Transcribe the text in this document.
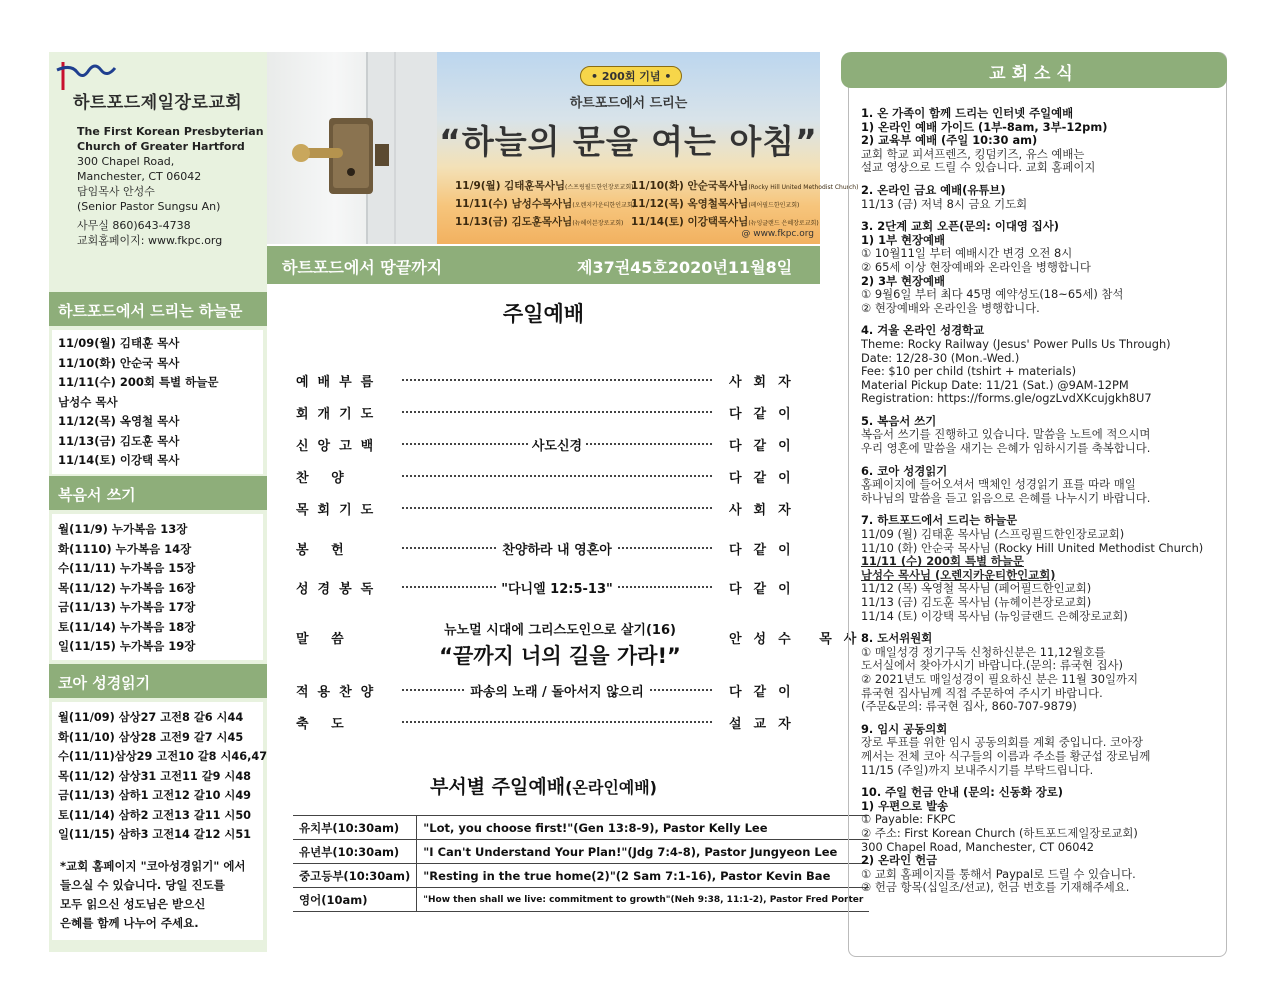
하트포드제일장로교회
The First Korean Presbyterian
Church of Greater Hartford
300 Chapel Road,
Manchester, CT 06042
담임목사 안성수
(Senior Pastor Sungsu An)
사무실 860)643-4738
교회홈페이지: www.fkpc.org
하트포드에서 드리는 하늘문
11/09(월) 김태훈 목사
11/10(화) 안순국 목사
11/11(수) 200회 특별 하늘문
남성수 목사
11/12(목) 옥영철 목사
11/13(금) 김도훈 목사
11/14(토) 이강택 목사
복음서 쓰기
월(11/9) 누가복음 13장
화(1110) 누가복음 14장
수(11/11) 누가복음 15장
목(11/12) 누가복음 16장
금(11/13) 누가복음 17장
토(11/14) 누가복음 18장
일(11/15) 누가복음 19장
코아 성경읽기
월(11/09) 삼상27 고전8 갈6 시44
화(11/10) 삼상28 고전9 갈7 시45
수(11/11)삼상29 고전10 갈8 시46,47
목(11/12) 삼상31 고전11 갈9 시48
금(11/13) 삼하1 고전12 갈10 시49
토(11/14) 삼하2 고전13 갈11 시50
일(11/15) 삼하3 고전14 갈12 시51
*교회 홈페이지 "코아성경읽기" 에서
들으실 수 있습니다. 당일 진도를
모두 읽으신 성도님은 받으신
은혜를 함께 나누어 주세요.
• 200회 기념 •
하트포드에서 드리는
“하늘의 문을 여는 아침”
11/9(월) 김태훈목사님(스프링필드한인장로교회)
11/10(화) 안순국목사님(Rocky Hill United Methodist Church)
11/11(수) 남성수목사님(오렌지카운티한인교회)
11/12(목) 옥영철목사님(페어필드한인교회)
11/13(금) 김도훈목사님(뉴헤이븐장로교회) 11/14(토) 이강택목사님(뉴잉글랜드 은혜장로교회)
@ www.fkpc.org
하트포드에서 땅끝까지	제37권45호2020년11월8일
주일예배
예배부름	사회자
회개기도	다같이
신앙고백	사도신경	다같이
찬 양	다같이
목회기도	사회자
봉 헌	찬양하라 내 영혼아	다같이
성경봉독	"다니엘 12:5-13"	다같이
말 씀	안성수 목사
적용찬양	파송의 노래 / 돌아서지 않으리	다같이
축 도	설교자
뉴노멀 시대에 그리스도인으로 살기(16)
“끝까지 너의 길을 가라!”
부서별 주일예배(온라인예배)
유치부(10:30am)	"Lot, you choose first!"(Gen 13:8-9), Pastor Kelly Lee
유년부(10:30am)	"I Can't Understand Your Plan!"(Jdg 7:4-8), Pastor Jungyeon Lee
중고등부(10:30am)	"Resting in the true home(2)"(2 Sam 7:1-16), Pastor Kevin Bae
영어(10am)	"How then shall we live: commitment to growth"(Neh 9:38, 11:1-2), Pastor Fred Porter
교회소식
1. 온 가족이 함께 드리는 인터넷 주일예배
1) 온라인 예배 가이드 (1부-8am, 3부-12pm)
2) 교육부 예배 (주일 10:30 am)
교회 학교 피셔프렌즈, 킹덤키즈, 유스 예배는
설교 영상으로 드릴 수 있습니다. 교회 홈페이지
2. 온라인 금요 예배(유튜브)
11/13 (금) 저녁 8시 금요 기도회
3. 2단계 교회 오픈(문의: 이대영 집사)
1) 1부 현장예배
① 10월11일 부터 예배시간 변경 오전 8시
② 65세 이상 현장예배와 온라인을 병행합니다
2) 3부 현장예배
① 9월6일 부터 최다 45명 예약성도(18~65세) 참석
② 현장예배와 온라인을 병행합니다.
4. 겨울 온라인 성경학교
Theme: Rocky Railway (Jesus' Power Pulls Us Through)
Date: 12/28-30 (Mon.-Wed.)
Fee: $10 per child (tshirt + materials)
Material Pickup Date: 11/21 (Sat.) @9AM-12PM
Registration: https://forms.gle/ogzLvdXKcujgkh8U7
5. 복음서 쓰기
복음서 쓰기를 진행하고 있습니다. 말씀을 노트에 적으시며
우리 영혼에 말씀을 새기는 은혜가 임하시기를 축복합니다.
6. 코아 성경읽기
홈페이지에 들어오셔서 맥체인 성경읽기 표를 따라 매일
하나님의 말씀을 듣고 읽음으로 은혜를 나누시기 바랍니다.
7. 하트포드에서 드리는 하늘문
11/09 (월) 김태훈 목사님 (스프링필드한인장로교회)
11/10 (화) 안순국 목사님 (Rocky Hill United Methodist Church)
11/11 (수) 200회 특별 하늘문
남성수 목사님 (오렌지카운티한인교회)
11/12 (목) 옥영철 목사님 (페어필드한인교회)
11/13 (금) 김도훈 목사님 (뉴헤이븐장로교회)
11/14 (토) 이강택 목사님 (뉴잉글랜드 은혜장로교회)
8. 도서위원회
① 매일성경 정기구독 신청하신분은 11,12월호를
도서실에서 찾아가시기 바랍니다.(문의: 류국현 집사)
② 2021년도 매일성경이 필요하신 분은 11월 30일까지
류국현 집사님께 직접 주문하여 주시기 바랍니다.
(주문&문의: 류국현 집사, 860-707-9879)
9. 임시 공동의회
장로 투표를 위한 임시 공동의회를 계획 중입니다. 코아장
께서는 전체 코아 식구들의 이름과 주소를 황군섭 장로님께
11/15 (주일)까지 보내주시기를 부탁드립니다.
10. 주일 헌금 안내 (문의: 신동화 장로)
1) 우편으로 발송
① Payable: FKPC
② 주소: First Korean Church (하트포드제일장로교회)
300 Chapel Road, Manchester, CT 06042
2) 온라인 헌금
① 교회 홈페이지를 통해서 Paypal로 드릴 수 있습니다.
② 헌금 항목(십일조/선교), 헌금 번호를 기재해주세요.
